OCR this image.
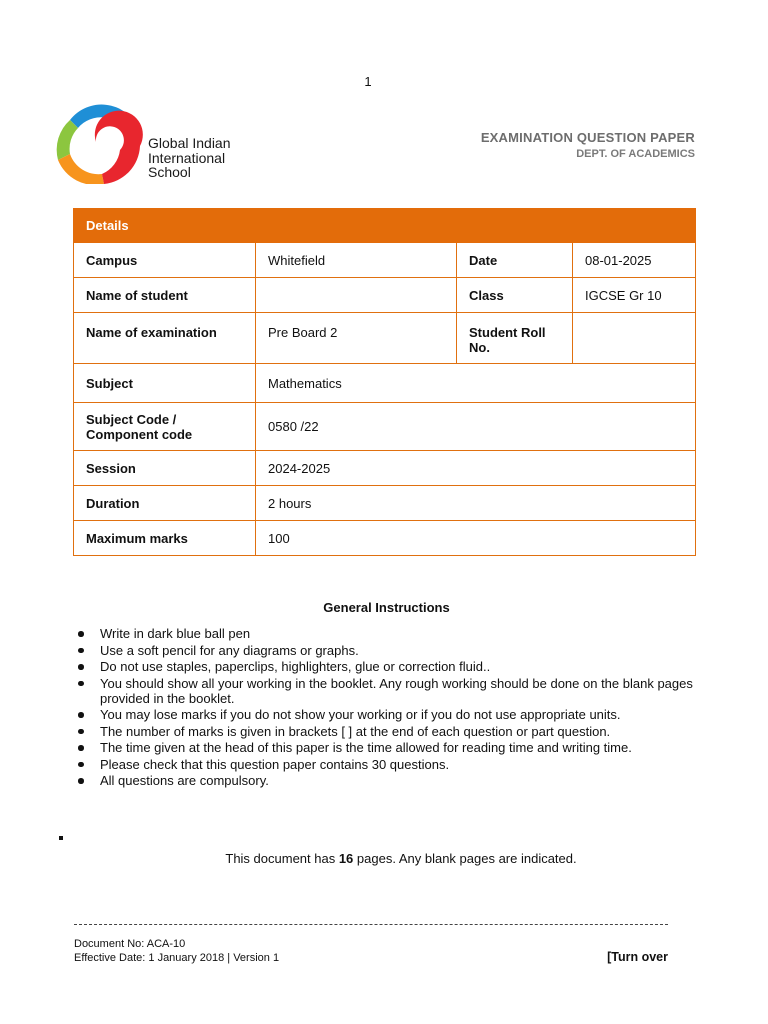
1
Global Indian
International
School
EXAMINATION QUESTION PAPER
DEPT. OF ACADEMICS
Details			
Campus	Whitefield	Date	08-01-2025
Name of student		Class	IGCSE Gr 10
Name of examination	Pre Board 2	Student Roll No.	
Subject	Mathematics		
Subject Code / Component code	0580 /22		
Session	2024-2025		
Duration	2 hours		
Maximum marks	100		
General Instructions
Write in dark blue ball pen
Use a soft pencil for any diagrams or graphs.
Do not use staples, paperclips, highlighters, glue or correction fluid..
You should show all your working in the booklet. Any rough working should be done on the blank pages provided in the booklet.
You may lose marks if you do not show your working or if you do not use appropriate units.
The number of marks is given in brackets [ ] at the end of each question or part question.
The time given at the head of this paper is the time allowed for reading time and writing time.
Please check that this question paper contains 30 questions.
All questions are compulsory.
This document has 16 pages. Any blank pages are indicated.
Document No: ACA-10
Effective Date: 1 January 2018 | Version 1	[Turn over
